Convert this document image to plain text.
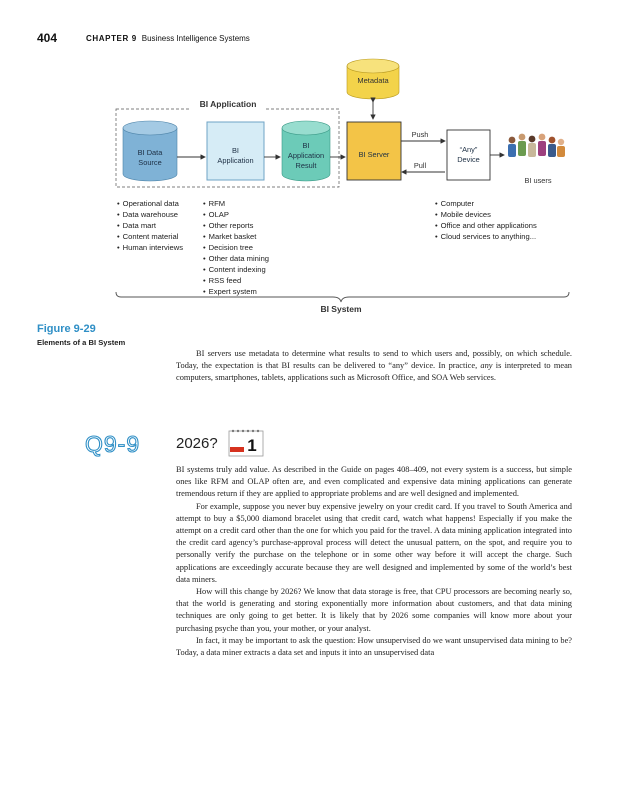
404	CHAPTER 9 Business Intelligence Systems
Metadata
BI Application
BI Data
Source
BI
Application
BI
Application
Result
BI Server
Push
Pull
“Any”
Device
BI users
BI System
• Operational data
• Data warehouse
• Data mart
• Content material
• Human interviews
• RFM
• OLAP
• Other reports
• Market basket
• Decision tree
• Other data mining
• Content indexing
• RSS feed
• Expert system
• Computer
• Mobile devices
• Office and other applications
• Cloud services to anything...
Figure 9-29
Elements of a BI System

BI servers use metadata to determine what results to send to which users and, possibly, on which schedule. Today, the expectation is that BI results can be delivered to “any” device. In practice, any is interpreted to mean computers, smartphones, tablets, applications such as Microsoft Office, and SOA Web services.

Q9-9 2026? 1

BI systems truly add value. As described in the Guide on pages 408–409, not every system is a success, but simple ones like RFM and OLAP often are, and even complicated and expensive data mining applications can generate tremendous return if they are applied to appropriate problems and are well designed and implemented.

For example, suppose you never buy expensive jewelry on your credit card. If you travel to South America and attempt to buy a $5,000 diamond bracelet using that credit card, watch what happens! Especially if you make the attempt on a credit card other than the one for which you paid for the travel. A data mining application integrated into the credit card agency’s purchase-approval process will detect the unusual pattern, on the spot, and require you to personally verify the purchase on the telephone or in some other way before it will accept the charge. Such applications are exceedingly accurate because they are well designed and implemented by some of the world’s best data miners.

How will this change by 2026? We know that data storage is free, that CPU processors are becoming nearly so, that the world is generating and storing exponentially more information about customers, and that data mining techniques are only going to get better. It is likely that by 2026 some companies will know more about your purchasing psyche than you, your mother, or your analyst.

In fact, it may be important to ask the question: How unsupervised do we want unsupervised data mining to be? Today, a data miner extracts a data set and inputs it into an unsupervised data
